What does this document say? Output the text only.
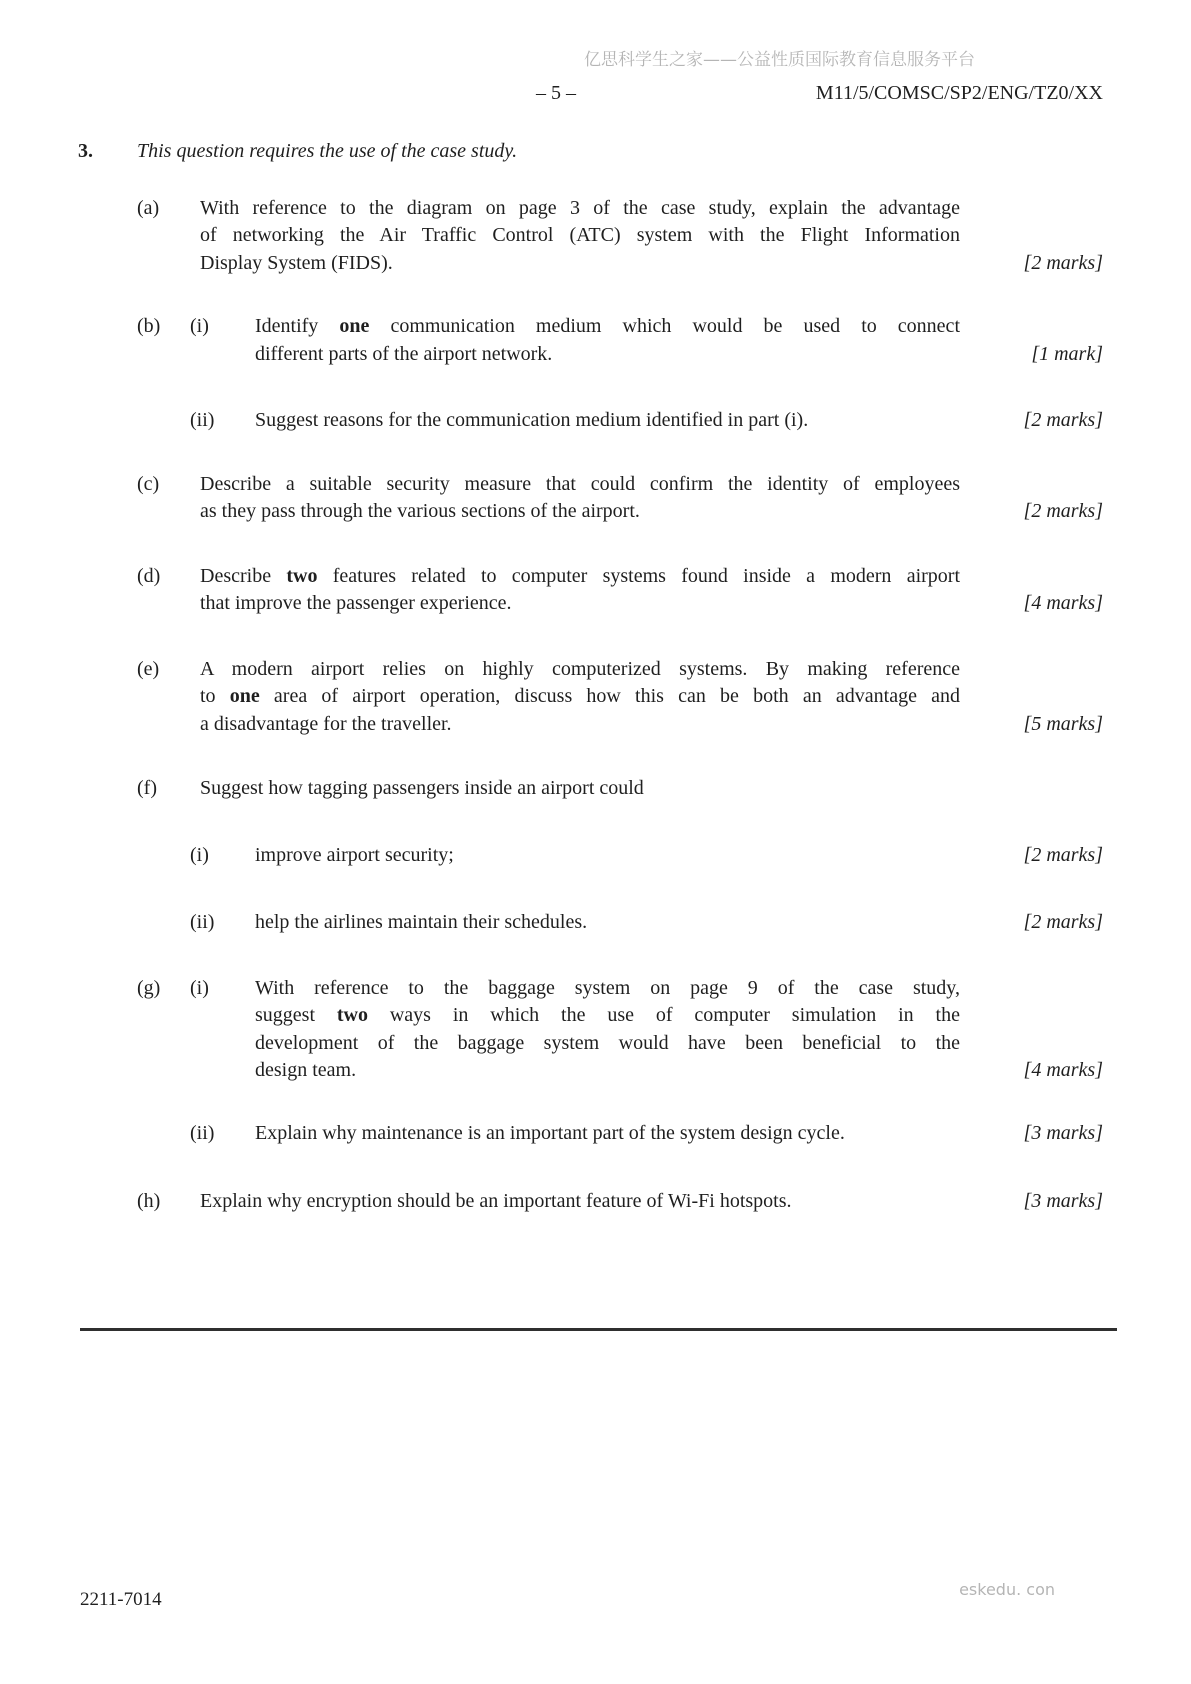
亿思科学生之家——公益性质国际教育信息服务平台
– 5 –	M11/5/COMSC/SP2/ENG/TZ0/XX
3.	This question requires the use of the case study.
(a)	With reference to the diagram on page 3 of the case study, explain the advantage
of networking the Air Traffic Control (ATC) system with the Flight Information
Display System (FIDS).	[2 marks]
(b)	(i)	Identify one communication medium which would be used to connect
different parts of the airport network.	[1 mark]
(ii)	Suggest reasons for the communication medium identified in part (i).	[2 marks]
(c)	Describe a suitable security measure that could confirm the identity of employees
as they pass through the various sections of the airport.	[2 marks]
(d)	Describe two features related to computer systems found inside a modern airport
that improve the passenger experience.	[4 marks]
(e)	A modern airport relies on highly computerized systems. By making reference
to one area of airport operation, discuss how this can be both an advantage and
a disadvantage for the traveller.	[5 marks]
(f)	Suggest how tagging passengers inside an airport could
(i)	improve airport security;	[2 marks]
(ii)	help the airlines maintain their schedules.	[2 marks]
(g)	(i)	With reference to the baggage system on page 9 of the case study,
suggest two ways in which the use of computer simulation in the
development of the baggage system would have been beneficial to the
design team.	[4 marks]
(ii)	Explain why maintenance is an important part of the system design cycle.	[3 marks]
(h)	Explain why encryption should be an important feature of Wi-Fi hotspots.	[3 marks]
2211-7014	eskedu. con
